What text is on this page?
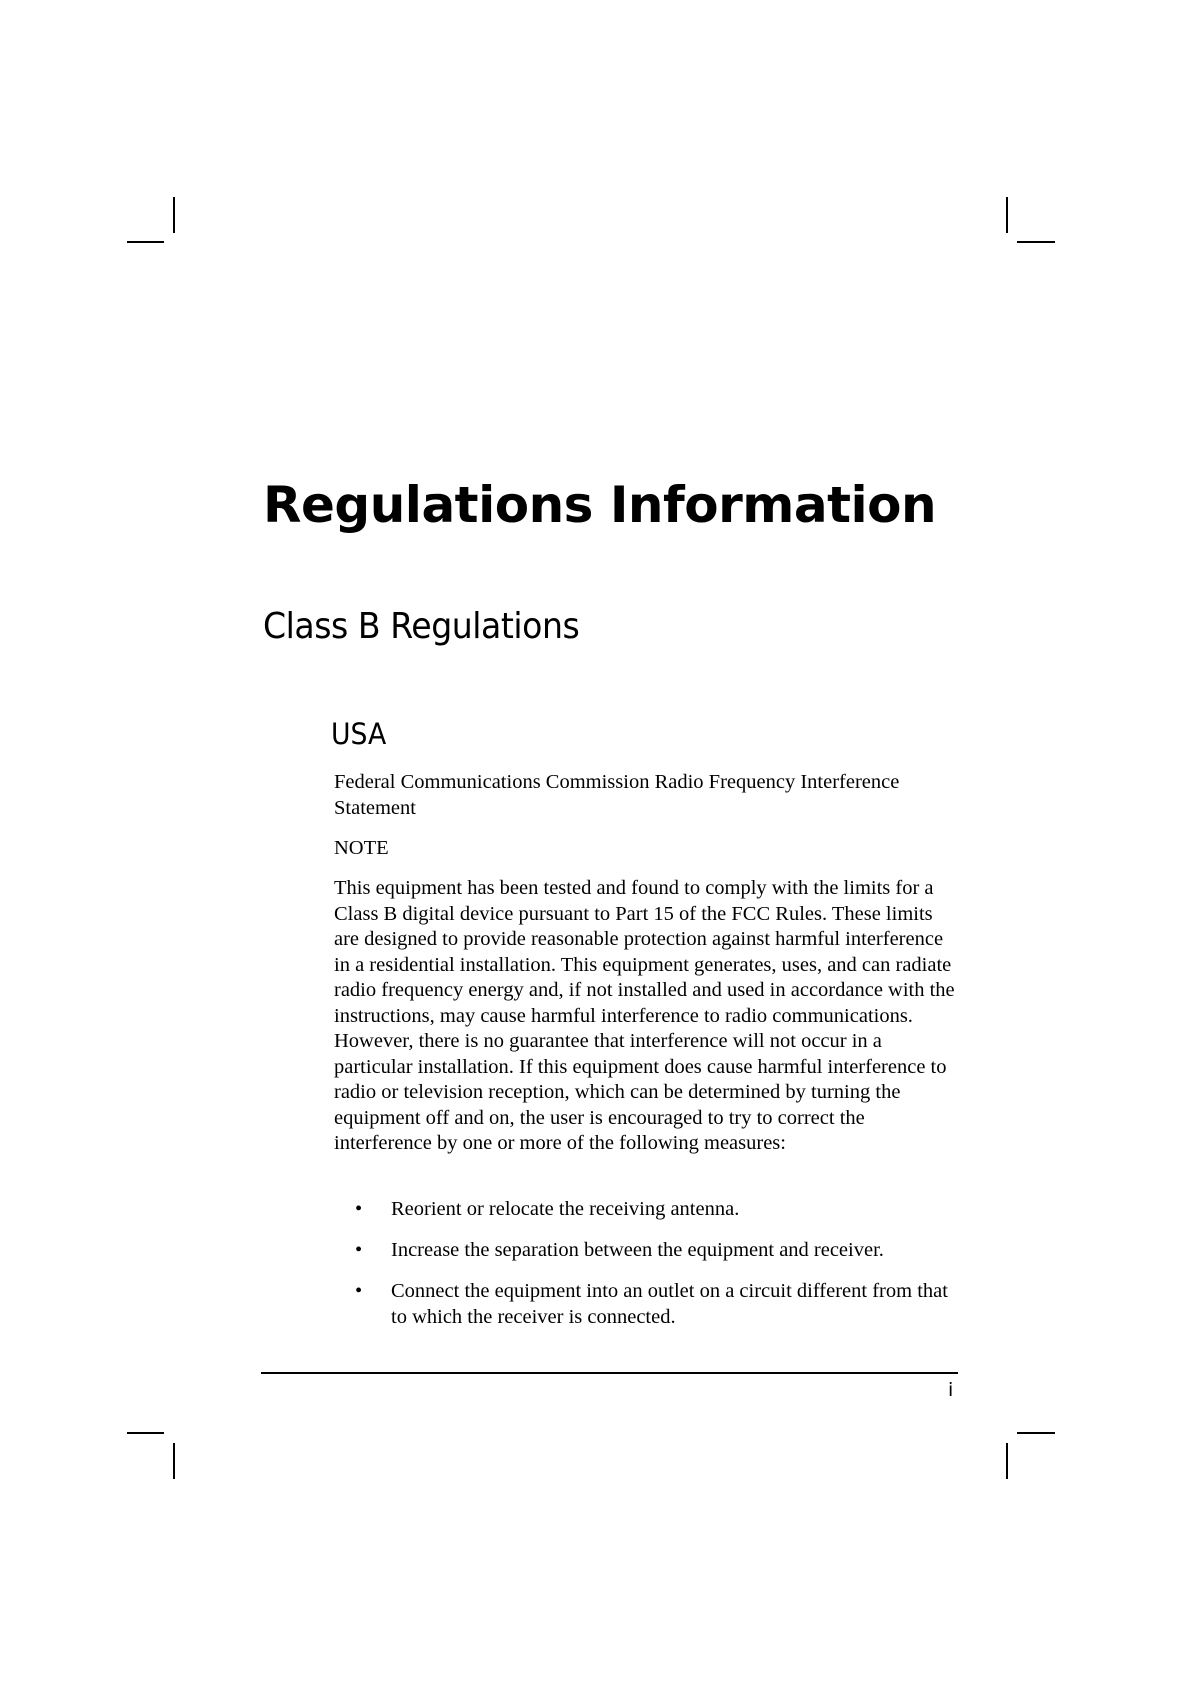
Regulations Information
Class B Regulations
USA

Federal Communications Commission Radio Frequency Interference Statement

NOTE

This equipment has been tested and found to comply with the limits for a Class B digital device pursuant to Part 15 of the FCC Rules. These limits are designed to provide reasonable protection against harmful interference in a residential installation. This equipment generates, uses, and can radiate radio frequency energy and, if not installed and used in accordance with the instructions, may cause harmful interference to radio communications. However, there is no guarantee that interference will not occur in a particular installation. If this equipment does cause harmful interference to radio or television reception, which can be determined by turning the equipment off and on, the user is encouraged to try to correct the interference by one or more of the following measures:

• Reorient or relocate the receiving antenna.
• Increase the separation between the equipment and receiver.
• Connect the equipment into an outlet on a circuit different from that to which the receiver is connected.
i
